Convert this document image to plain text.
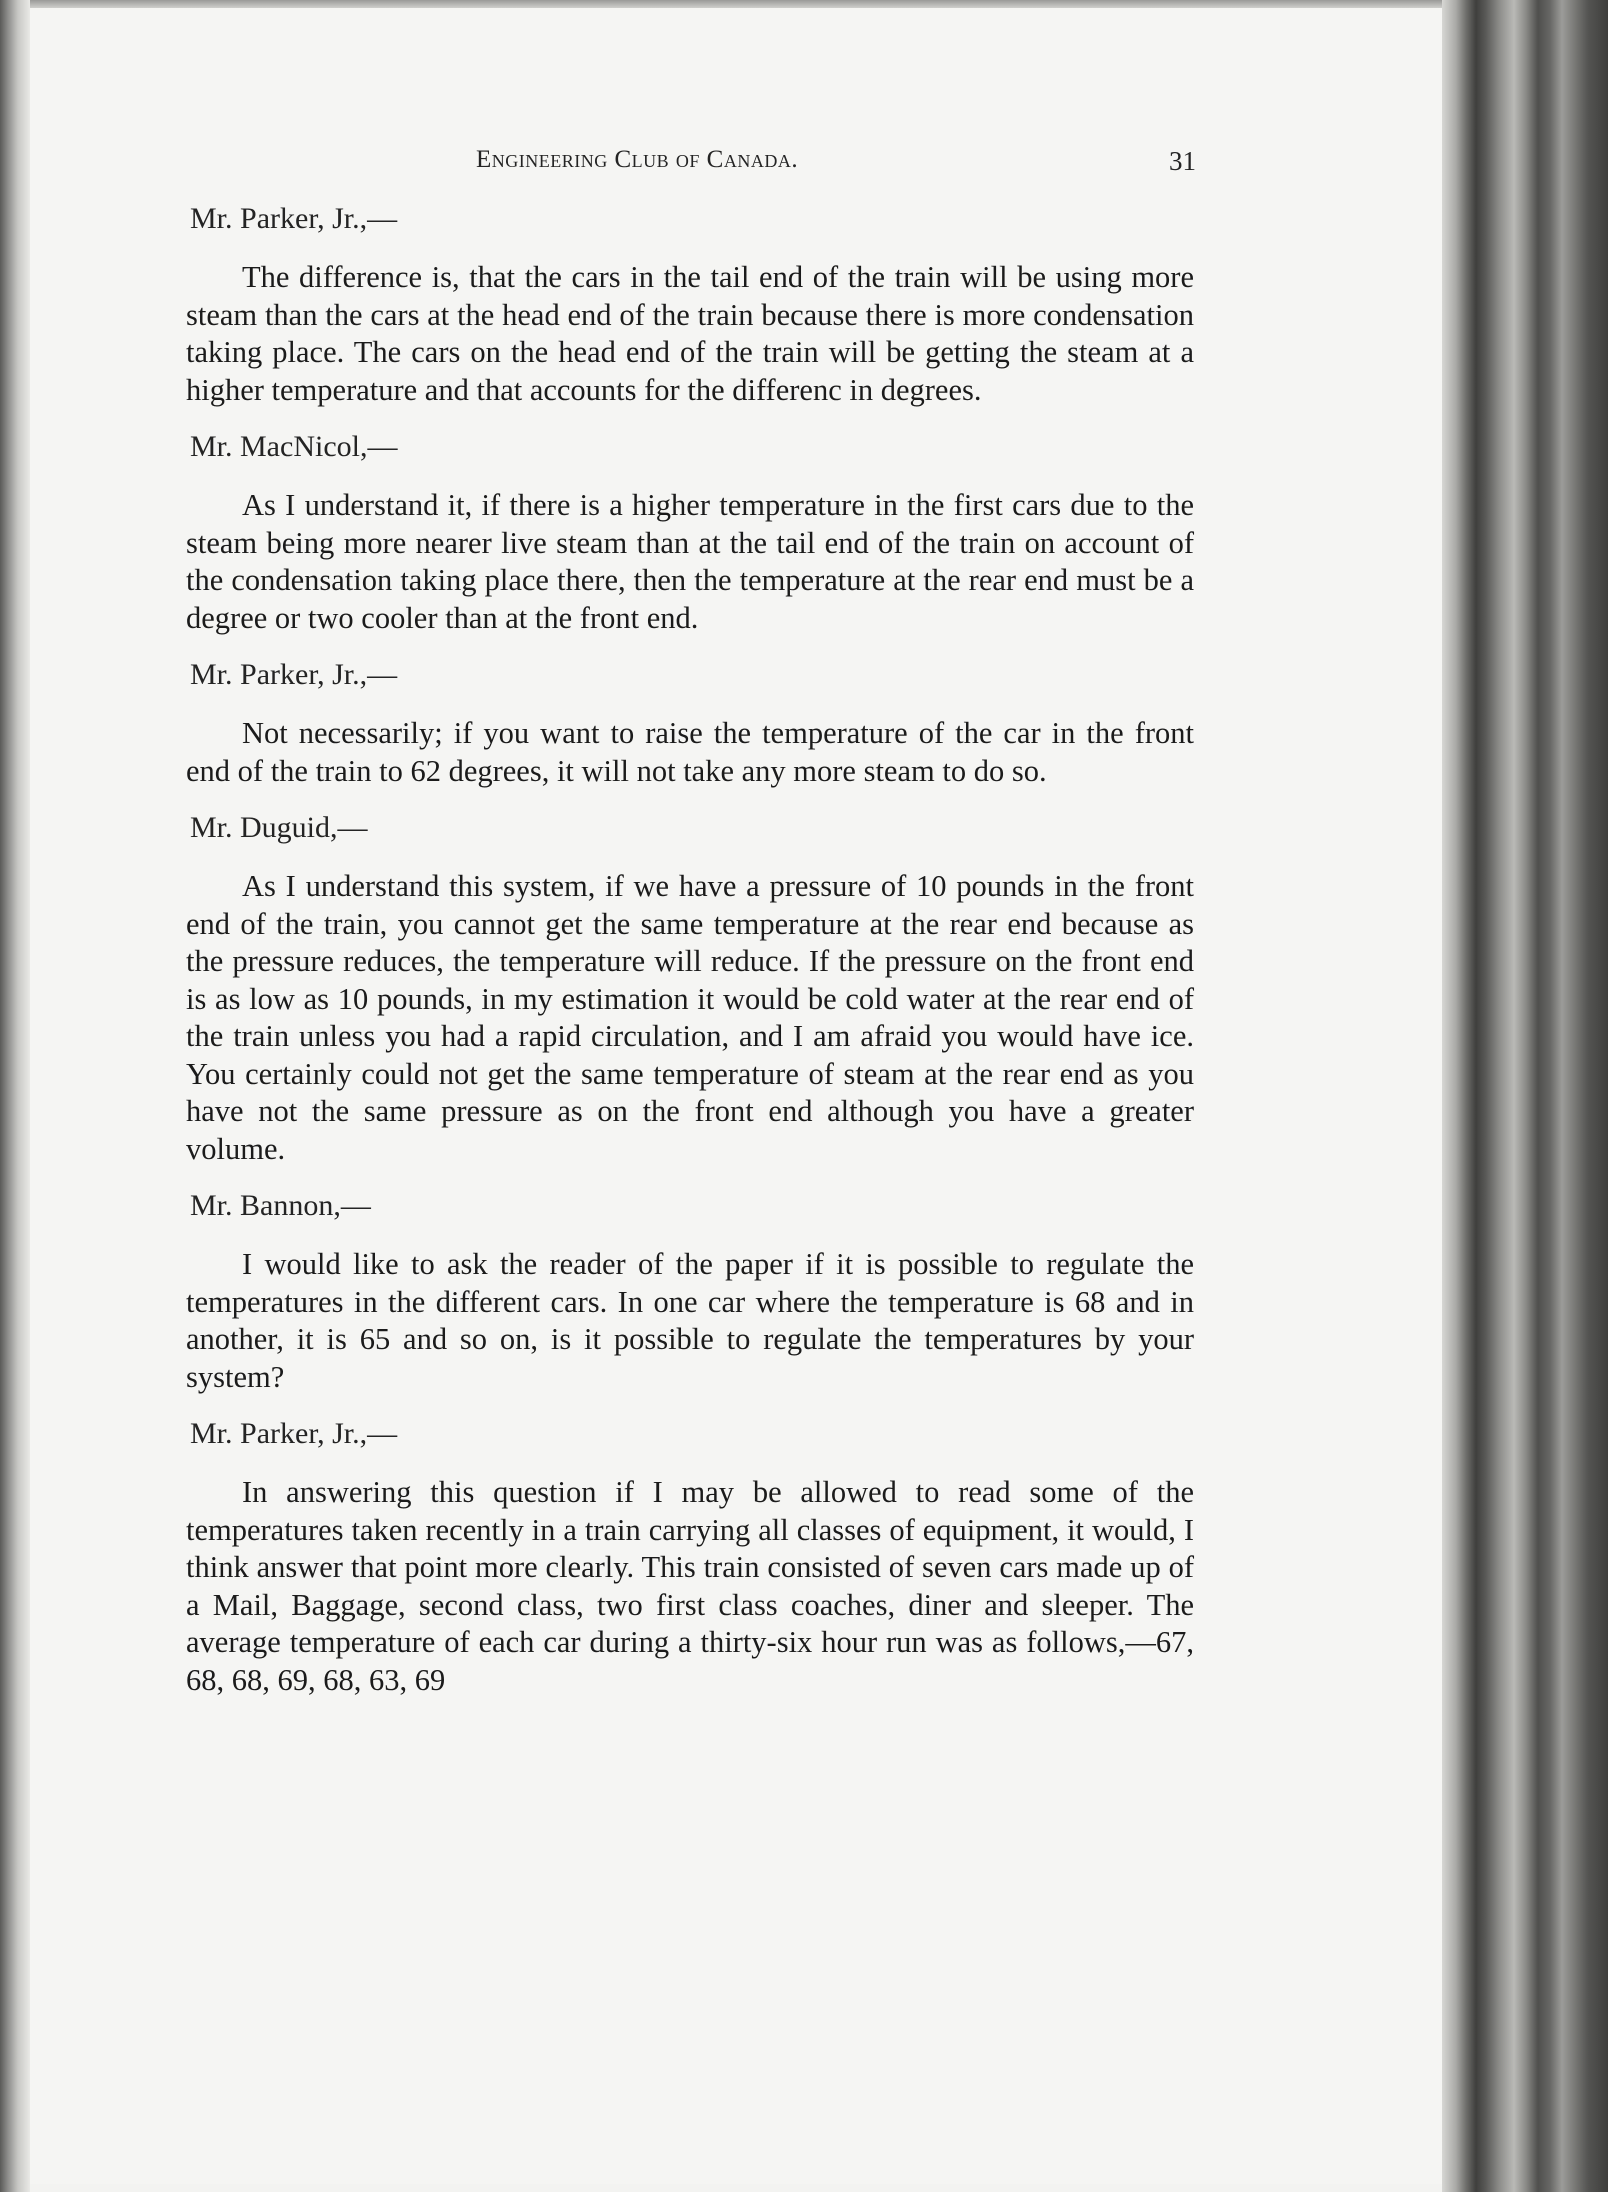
Engineering Club of Canada.	31
Mr. Parker, Jr.,—

The difference is, that the cars in the tail end of the train will be using more steam than the cars at the head end of the train because there is more condensation taking place. The cars on the head end of the train will be getting the steam at a higher temperature and that accounts for the differenc in degrees.

Mr. MacNicol,—

As I understand it, if there is a higher temperature in the first cars due to the steam being more nearer live steam than at the tail end of the train on account of the condensation taking place there, then the temperature at the rear end must be a degree or two cooler than at the front end.

Mr. Parker, Jr.,—

Not necessarily; if you want to raise the temperature of the car in the front end of the train to 62 degrees, it will not take any more steam to do so.

Mr. Duguid,—

As I understand this system, if we have a pressure of 10 pounds in the front end of the train, you cannot get the same temperature at the rear end because as the pressure reduces, the temperature will reduce. If the pressure on the front end is as low as 10 pounds, in my estimation it would be cold water at the rear end of the train unless you had a rapid circulation, and I am afraid you would have ice. You certainly could not get the same temperature of steam at the rear end as you have not the same pressure as on the front end although you have a greater volume.

Mr. Bannon,—

I would like to ask the reader of the paper if it is possible to regulate the temperatures in the different cars. In one car where the temperature is 68 and in another, it is 65 and so on, is it possible to regulate the temperatures by your system?

Mr. Parker, Jr.,—

In answering this question if I may be allowed to read some of the temperatures taken recently in a train carrying all classes of equipment, it would, I think answer that point more clearly. This train consisted of seven cars made up of a Mail, Baggage, second class, two first class coaches, diner and sleeper. The average temperature of each car during a thirty-six hour run was as follows,—67, 68, 68, 69, 68, 63, 69
